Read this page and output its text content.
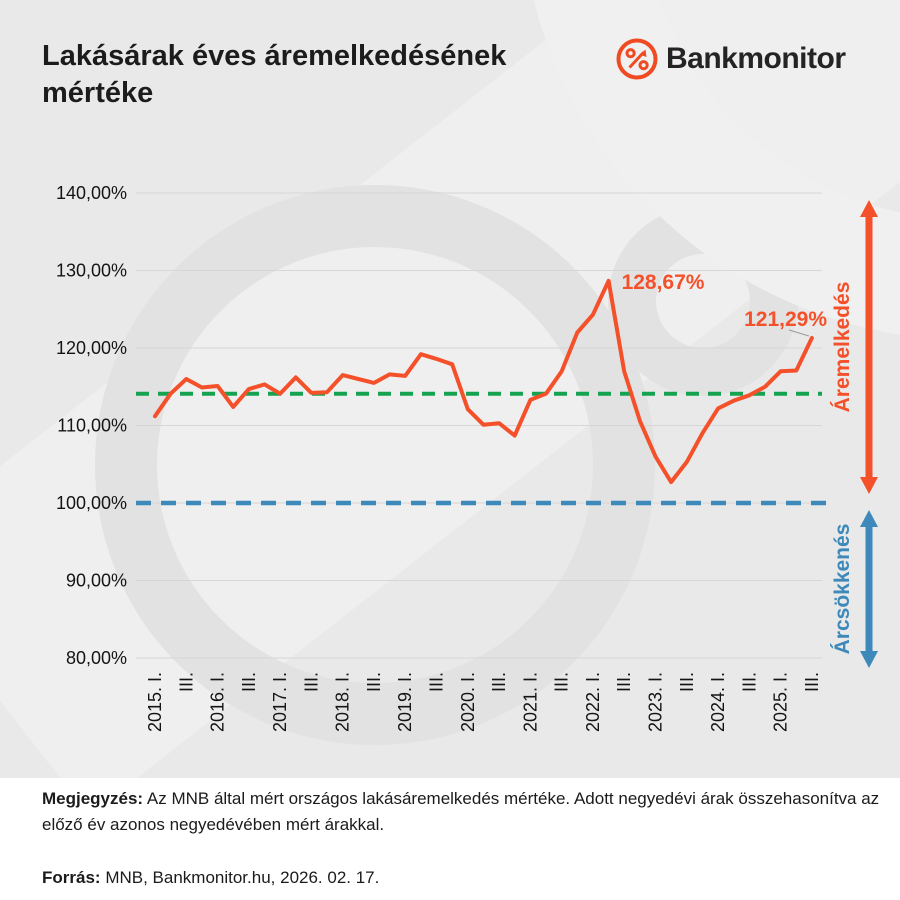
Lakásárak éves áremelkedésének mértéke
Bankmonitor
140,00%
130,00%
120,00%
110,00%
100,00%
90,00%
80,00%
2015. I. III. 2016. I. III. 2017. I. III. 2018. I. III. 2019. I. III. 2020. I. III. 2021. I. III. 2022. I. III. 2023. I. III. 2024. I. III. 2025. I. III.
128,67%
121,29% Áremelkedés
Árcsökkenés

Megjegyzés: Az MNB által mért országos lakásáremelkedés mértéke. Adott negyedévi árak összehasonítva az előző év azonos negyedévében mért árakkal.

Forrás: MNB, Bankmonitor.hu, 2026. 02. 17.
